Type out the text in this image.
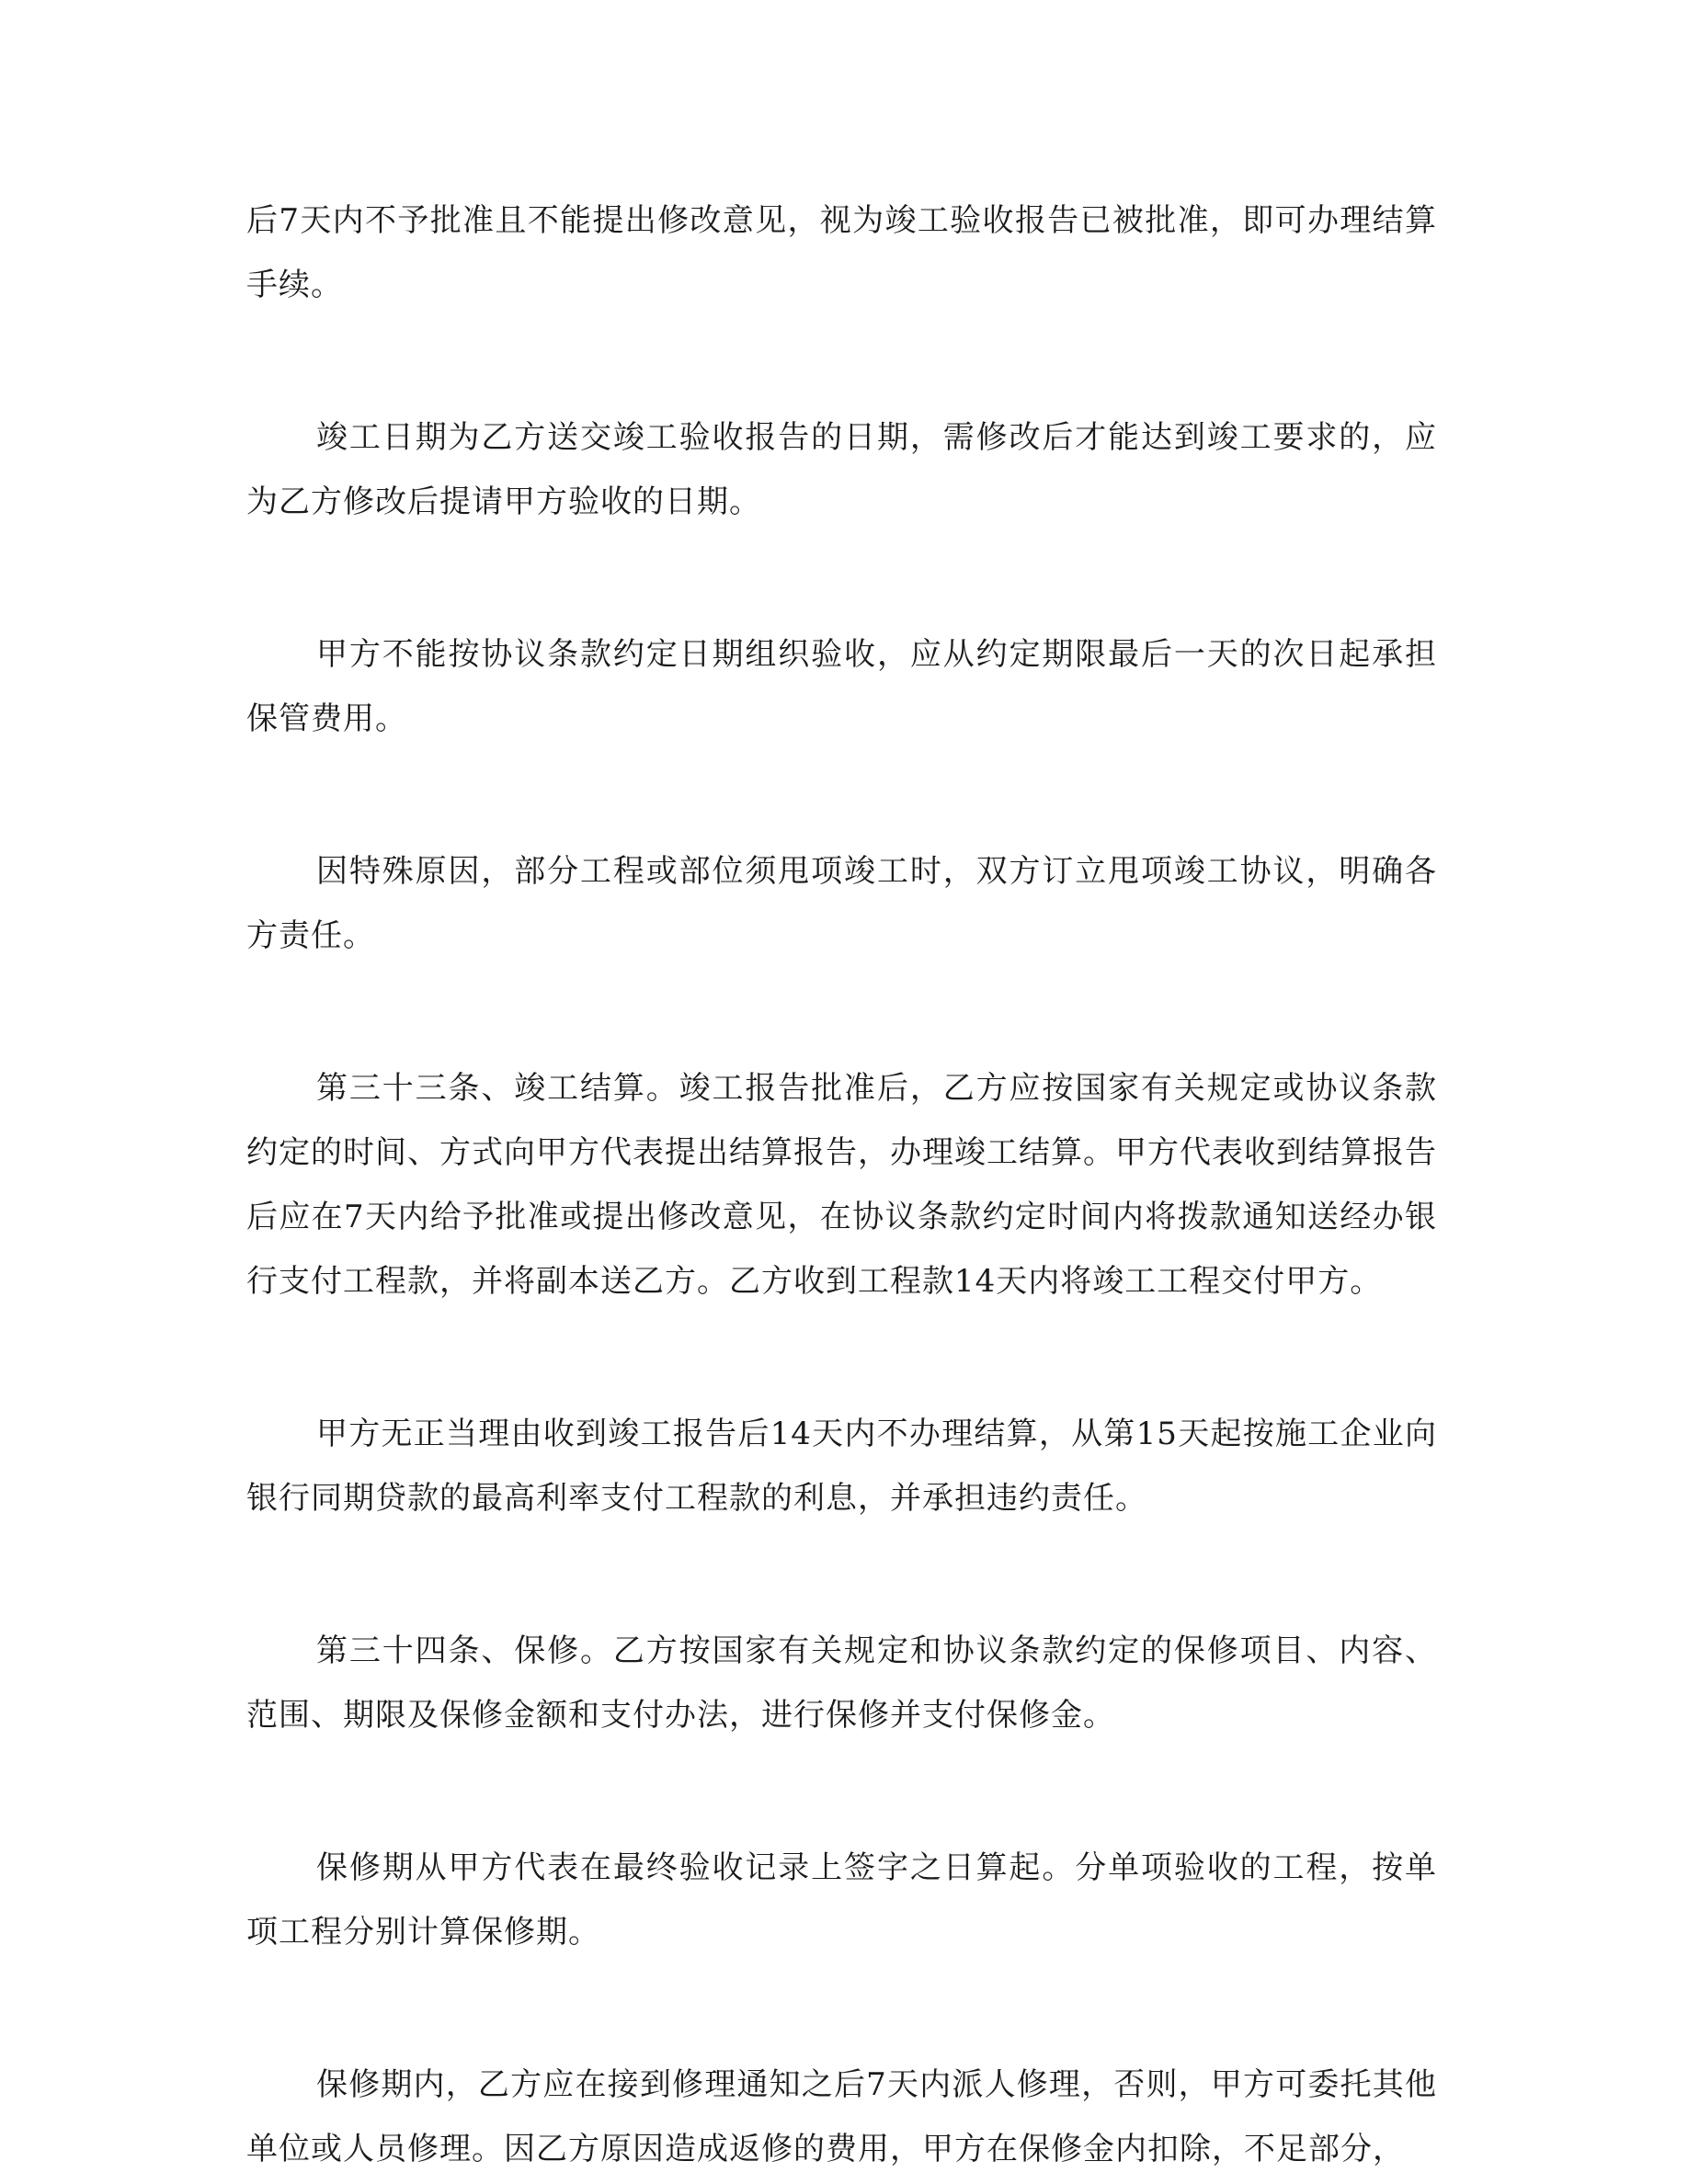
后7天内不予批准且不能提出修改意见，视为竣工验收报告已被批准，即可办理结算手续。

竣工日期为乙方送交竣工验收报告的日期，需修改后才能达到竣工要求的，应为乙方修改后提请甲方验收的日期。

甲方不能按协议条款约定日期组织验收，应从约定期限最后一天的次日起承担保管费用。

因特殊原因，部分工程或部位须甩项竣工时，双方订立甩项竣工协议，明确各方责任。

第三十三条、竣工结算。竣工报告批准后，乙方应按国家有关规定或协议条款约定的时间、方式向甲方代表提出结算报告，办理竣工结算。甲方代表收到结算报告后应在7天内给予批准或提出修改意见，在协议条款约定时间内将拨款通知送经办银行支付工程款，并将副本送乙方。乙方收到工程款14天内将竣工工程交付甲方。

甲方无正当理由收到竣工报告后14天内不办理结算，从第15天起按施工企业向银行同期贷款的最高利率支付工程款的利息，并承担违约责任。

第三十四条、保修。乙方按国家有关规定和协议条款约定的保修项目、内容、范围、期限及保修金额和支付办法，进行保修并支付保修金。

保修期从甲方代表在最终验收记录上签字之日算起。分单项验收的工程，按单项工程分别计算保修期。

保修期内，乙方应在接到修理通知之后7天内派人修理，否则，甲方可委托其他单位或人员修理。因乙方原因造成返修的费用，甲方在保修金内扣除，不足部分，
